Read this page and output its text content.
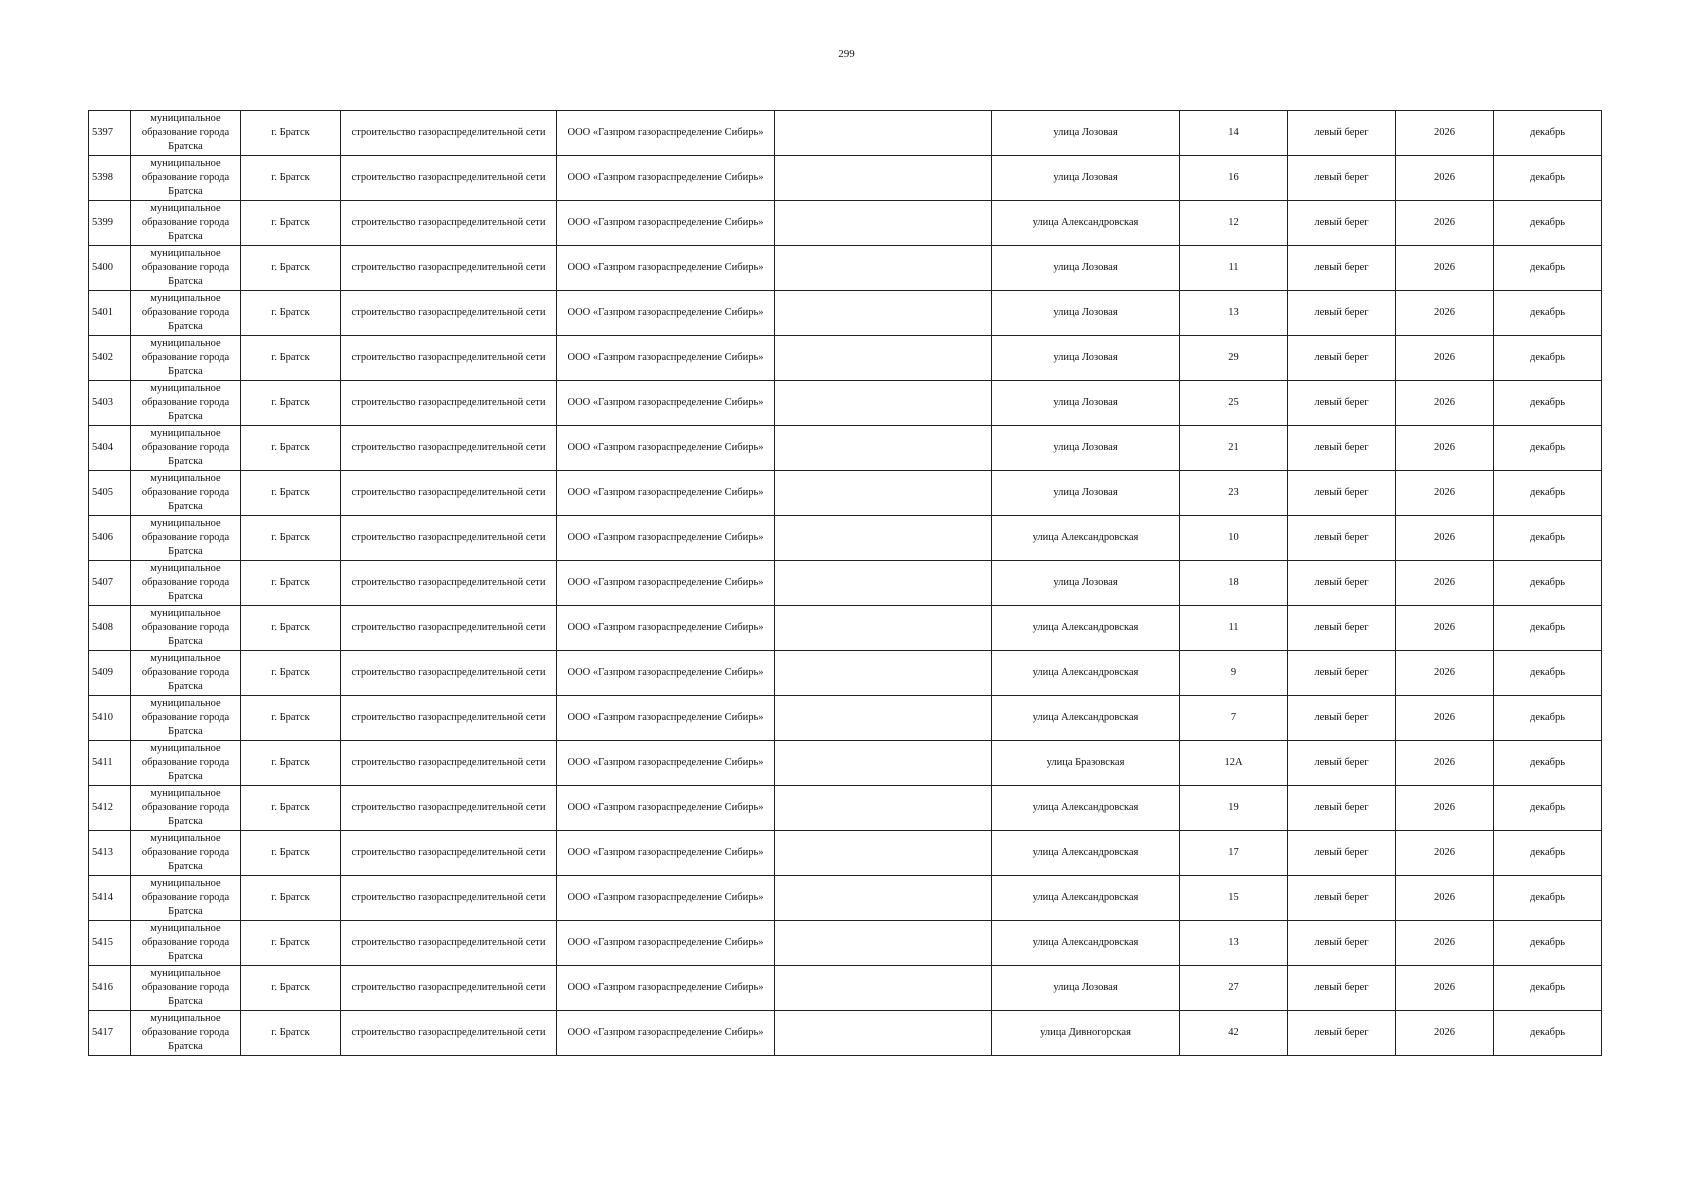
299
5397	муниципальное образование города Братска	г. Братск	строительство газораспределительной сети	ООО «Газпром газораспределение Сибирь»		улица Лозовая	14	левый берег	2026	декабрь
5398	муниципальное образование города Братска	г. Братск	строительство газораспределительной сети	ООО «Газпром газораспределение Сибирь»		улица Лозовая	16	левый берег	2026	декабрь
5399	муниципальное образование города Братска	г. Братск	строительство газораспределительной сети	ООО «Газпром газораспределение Сибирь»		улица Александровская	12	левый берег	2026	декабрь
5400	муниципальное образование города Братска	г. Братск	строительство газораспределительной сети	ООО «Газпром газораспределение Сибирь»		улица Лозовая	11	левый берег	2026	декабрь
5401	муниципальное образование города Братска	г. Братск	строительство газораспределительной сети	ООО «Газпром газораспределение Сибирь»		улица Лозовая	13	левый берег	2026	декабрь
5402	муниципальное образование города Братска	г. Братск	строительство газораспределительной сети	ООО «Газпром газораспределение Сибирь»		улица Лозовая	29	левый берег	2026	декабрь
5403	муниципальное образование города Братска	г. Братск	строительство газораспределительной сети	ООО «Газпром газораспределение Сибирь»		улица Лозовая	25	левый берег	2026	декабрь
5404	муниципальное образование города Братска	г. Братск	строительство газораспределительной сети	ООО «Газпром газораспределение Сибирь»		улица Лозовая	21	левый берег	2026	декабрь
5405	муниципальное образование города Братска	г. Братск	строительство газораспределительной сети	ООО «Газпром газораспределение Сибирь»		улица Лозовая	23	левый берег	2026	декабрь
5406	муниципальное образование города Братска	г. Братск	строительство газораспределительной сети	ООО «Газпром газораспределение Сибирь»		улица Александровская	10	левый берег	2026	декабрь
5407	муниципальное образование города Братска	г. Братск	строительство газораспределительной сети	ООО «Газпром газораспределение Сибирь»		улица Лозовая	18	левый берег	2026	декабрь
5408	муниципальное образование города Братска	г. Братск	строительство газораспределительной сети	ООО «Газпром газораспределение Сибирь»		улица Александровская	11	левый берег	2026	декабрь
5409	муниципальное образование города Братска	г. Братск	строительство газораспределительной сети	ООО «Газпром газораспределение Сибирь»		улица Александровская	9	левый берег	2026	декабрь
5410	муниципальное образование города Братска	г. Братск	строительство газораспределительной сети	ООО «Газпром газораспределение Сибирь»		улица Александровская	7	левый берег	2026	декабрь
5411	муниципальное образование города Братска	г. Братск	строительство газораспределительной сети	ООО «Газпром газораспределение Сибирь»		улица Бразовская	12А	левый берег	2026	декабрь
5412	муниципальное образование города Братска	г. Братск	строительство газораспределительной сети	ООО «Газпром газораспределение Сибирь»		улица Александровская	19	левый берег	2026	декабрь
5413	муниципальное образование города Братска	г. Братск	строительство газораспределительной сети	ООО «Газпром газораспределение Сибирь»		улица Александровская	17	левый берег	2026	декабрь
5414	муниципальное образование города Братска	г. Братск	строительство газораспределительной сети	ООО «Газпром газораспределение Сибирь»		улица Александровская	15	левый берег	2026	декабрь
5415	муниципальное образование города Братска	г. Братск	строительство газораспределительной сети	ООО «Газпром газораспределение Сибирь»		улица Александровская	13	левый берег	2026	декабрь
5416	муниципальное образование города Братска	г. Братск	строительство газораспределительной сети	ООО «Газпром газораспределение Сибирь»		улица Лозовая	27	левый берег	2026	декабрь
5417	муниципальное образование города Братска	г. Братск	строительство газораспределительной сети	ООО «Газпром газораспределение Сибирь»		улица Дивногорская	42	левый берег	2026	декабрь
